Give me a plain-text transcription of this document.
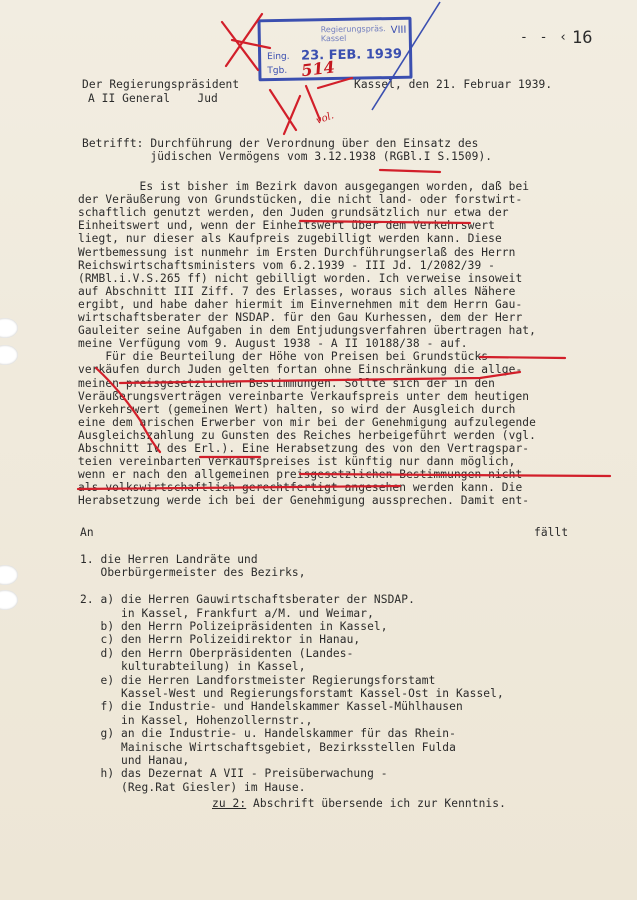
- - ‹ 16
Regierungspräs. Kassel
VIII
Eing. 23. FEB. 1939
Tgb. 514
vol.
Der Regierungspräsident	Kassel, den 21. Februar 1939.
A II General    Jud
Betrifft: Durchführung der Verordnung über den Einsatz des
jüdischen Vermögens vom 3.12.1938 (RGBl.I S.1509).
Es ist bisher im Bezirk davon ausgegangen worden, daß bei
der Veräußerung von Grundstücken, die nicht land- oder forstwirt-
schaftlich genutzt werden, den Juden grundsätzlich nur etwa der
Einheitswert und, wenn der Einheitswert über dem Verkehrswert
liegt, nur dieser als Kaufpreis zugebilligt werden kann. Diese
Wertbemessung ist nunmehr im Ersten Durchführungserlaß des Herrn
Reichswirtschaftsministers vom 6.2.1939 - III Jd. 1/2082/39 -
(RMBl.i.V.S.265 ff) nicht gebilligt worden. Ich verweise insoweit
auf Abschnitt III Ziff. 7 des Erlasses, woraus sich alles Nähere
ergibt, und habe daher hiermit im Einvernehmen mit dem Herrn Gau-
wirtschaftsberater der NSDAP. für den Gau Kurhessen, dem der Herr
Gauleiter seine Aufgaben in dem Entjudungsverfahren übertragen hat,
meine Verfügung vom 9. August 1938 - A II 10188/38 - auf.
Für die Beurteilung der Höhe von Preisen bei Grundstücks-
verkäufen durch Juden gelten fortan ohne Einschränkung die allge-
meinen preisgesetzlichen Bestimmungen. Sollte sich der in den
Veräußerungsverträgen vereinbarte Verkaufspreis unter dem heutigen
Verkehrswert (gemeinen Wert) halten, so wird der Ausgleich durch
eine dem arischen Erwerber von mir bei der Genehmigung aufzulegende
Ausgleichszahlung zu Gunsten des Reiches herbeigeführt werden (vgl.
Abschnitt IV des Erl.). Eine Herabsetzung des von den Vertragspar-
teien vereinbarten Verkaufspreises ist künftig nur dann möglich,
wenn er nach den allgemeinen preisgesetzlichen Bestimmungen nicht
als volkswirtschaftlich gerechtfertigt angesehen werden kann. Die
Herabsetzung werde ich bei der Genehmigung aussprechen. Damit ent-
An	fällt
1. die Herren Landräte und
Oberbürgermeister des Bezirks,
2. a) die Herren Gauwirtschaftsberater der NSDAP.
in Kassel, Frankfurt a/M. und Weimar,
b) den Herrn Polizeipräsidenten in Kassel,
c) den Herrn Polizeidirektor in Hanau,
d) den Herrn Oberpräsidenten (Landes-
kulturabteilung) in Kassel,
e) die Herren Landforstmeister Regierungsforstamt
Kassel-West und Regierungsforstamt Kassel-Ost in Kassel,
f) die Industrie- und Handelskammer Kassel-Mühlhausen
in Kassel, Hohenzollernstr.,
g) an die Industrie- u. Handelskammer für das Rhein-
Mainische Wirtschaftsgebiet, Bezirksstellen Fulda
und Hanau,
h) das Dezernat A VII - Preisüberwachung -
(Reg.Rat Giesler) im Hause.
zu 2: Abschrift übersende ich zur Kenntnis.
